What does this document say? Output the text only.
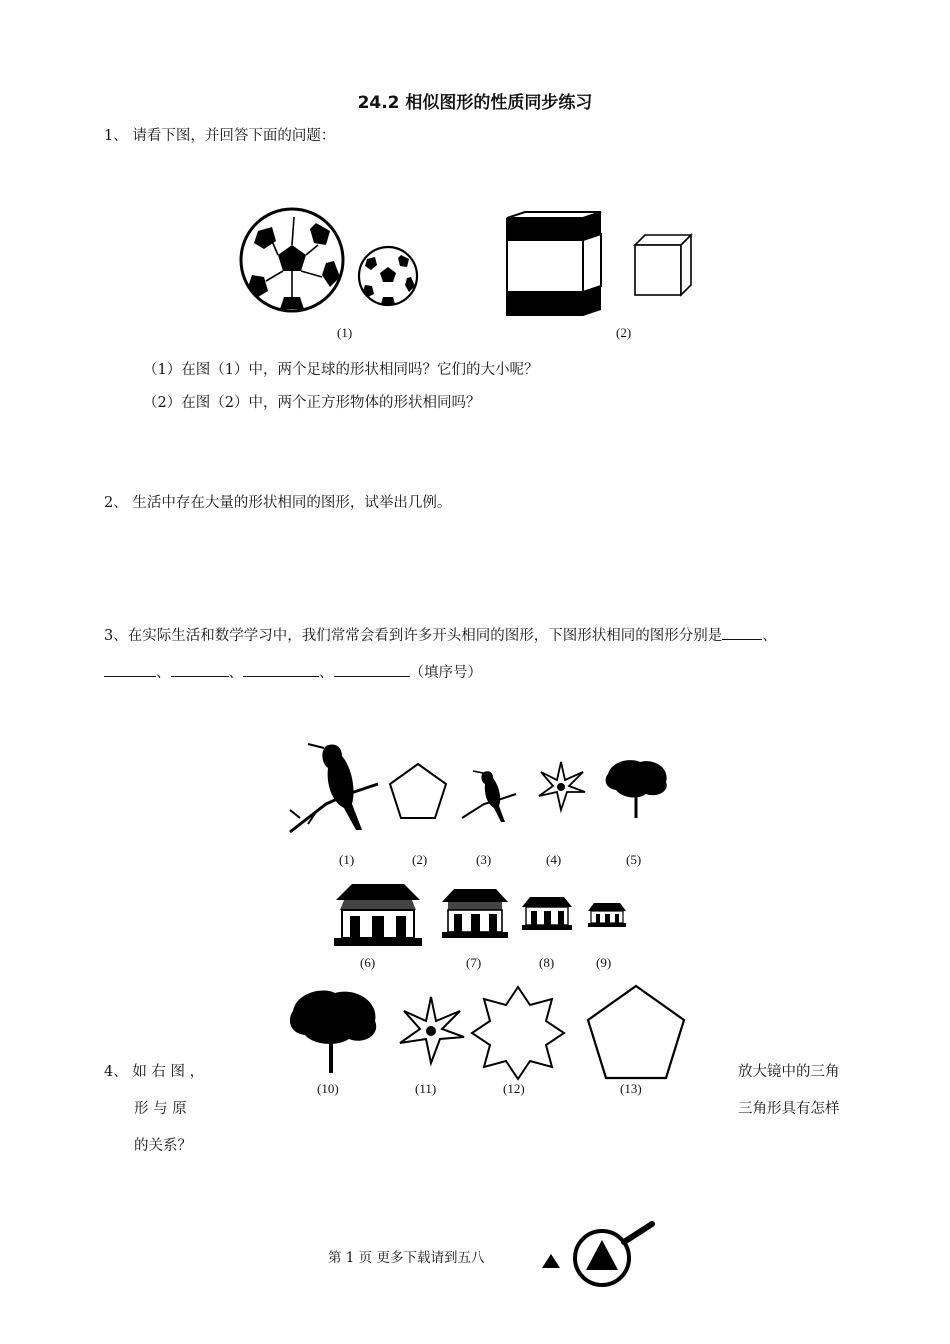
24.2 相似图形的性质同步练习
1、 请看下图，并回答下面的问题：
(1)	(2)
（1）在图（1）中，两个足球的形状相同吗？它们的大小呢？
（2）在图（2）中，两个正方形物体的形状相同吗？
2、 生活中存在大量的形状相同的图形，试举出几例。
3、在实际生活和数学学习中，我们常常会看到许多开头相同的图形，下图形状相同的图形分别是	、
、	、	、	（填序号）
(1)	(2)	(3)	(4)	(5)
(6)	(7)	(8)	(9)
(10)	(11)	(12)	(13)
4、 如 右 图 ，
形 与 原
的关系？
放大镜中的三角
三角形具有怎样
第 1 页 更多下载请到五八
